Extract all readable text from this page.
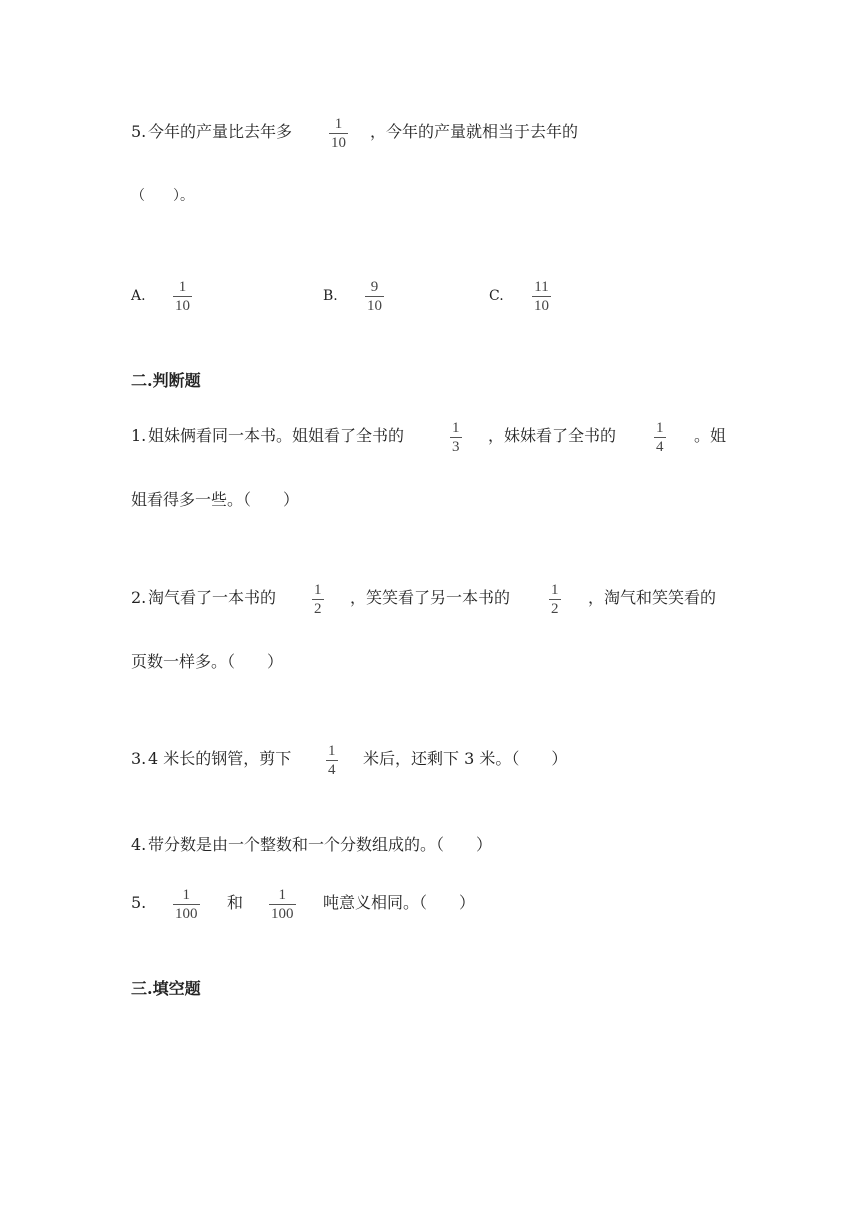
5. 今年的产量比去年多	1
10
，今年的产量就相当于去年的
（　　）。
A.
1
10
B.
9
10
C.
11
10
二.判断题
1. 姐妹俩看同一本书。姐姐看了全书的	1
3
，妹妹看了全书的	1
4
。姐
姐看得多一些。（　　）
2. 淘气看了一本书的	1
2
，笑笑看了另一本书的	1
2
，淘气和笑笑看的
页数一样多。（　　）
3. 4 米长的钢管，剪下 1
4
米后，还剩下 3 米。（　　）
4. 带分数是由一个整数和一个分数组成的。（　　）
5. 1
100
和 1
100
吨意义相同。（　　）
三.填空题
